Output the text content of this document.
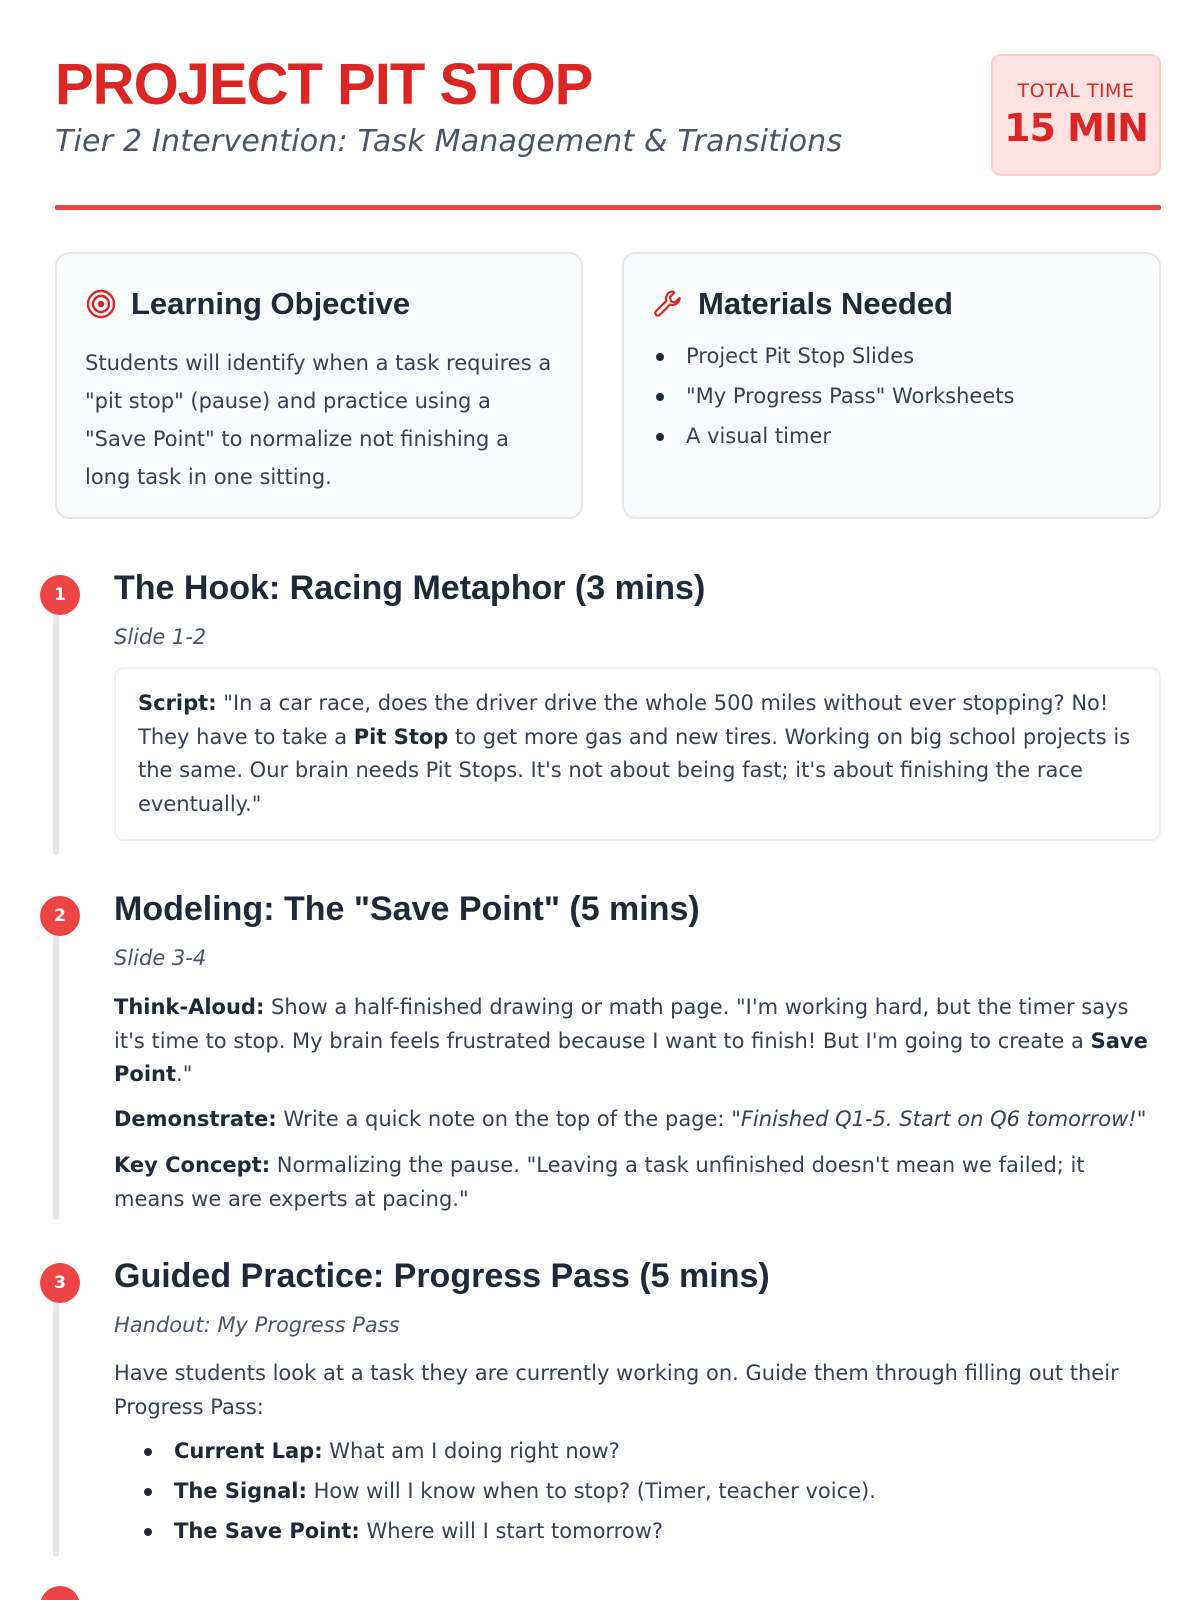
PROJECT PIT STOP
Tier 2 Intervention: Task Management & Transitions
TOTAL TIME
15 MIN
Learning Objective

Students will identify when a task requires a "pit stop" (pause) and practice using a "Save Point" to normalize not finishing a long task in one sitting.

Materials Needed
Project Pit Stop Slides
"My Progress Pass" Worksheets
A visual timer
1	The Hook: Racing Metaphor (3 mins)
Slide 1-2
Script: "In a car race, does the driver drive the whole 500 miles without ever stopping? No! They have to take a Pit Stop to get more gas and new tires. Working on big school projects is the same. Our brain needs Pit Stops. It's not about being fast; it's about finishing the race eventually."
2	Modeling: The "Save Point" (5 mins)
Slide 3-4

Think-Aloud: Show a half-finished drawing or math page. "I'm working hard, but the timer says it's time to stop. My brain feels frustrated because I want to finish! But I'm going to create a Save Point."

Demonstrate: Write a quick note on the top of the page: "Finished Q1-5. Start on Q6 tomorrow!"

Key Concept: Normalizing the pause. "Leaving a task unfinished doesn't mean we failed; it means we are experts at pacing."

3	Guided Practice: Progress Pass (5 mins)
Handout: My Progress Pass

Have students look at a task they are currently working on. Guide them through filling out their Progress Pass:

Current Lap: What am I doing right now?
The Signal: How will I know when to stop? (Timer, teacher voice).
The Save Point: Where will I start tomorrow?
